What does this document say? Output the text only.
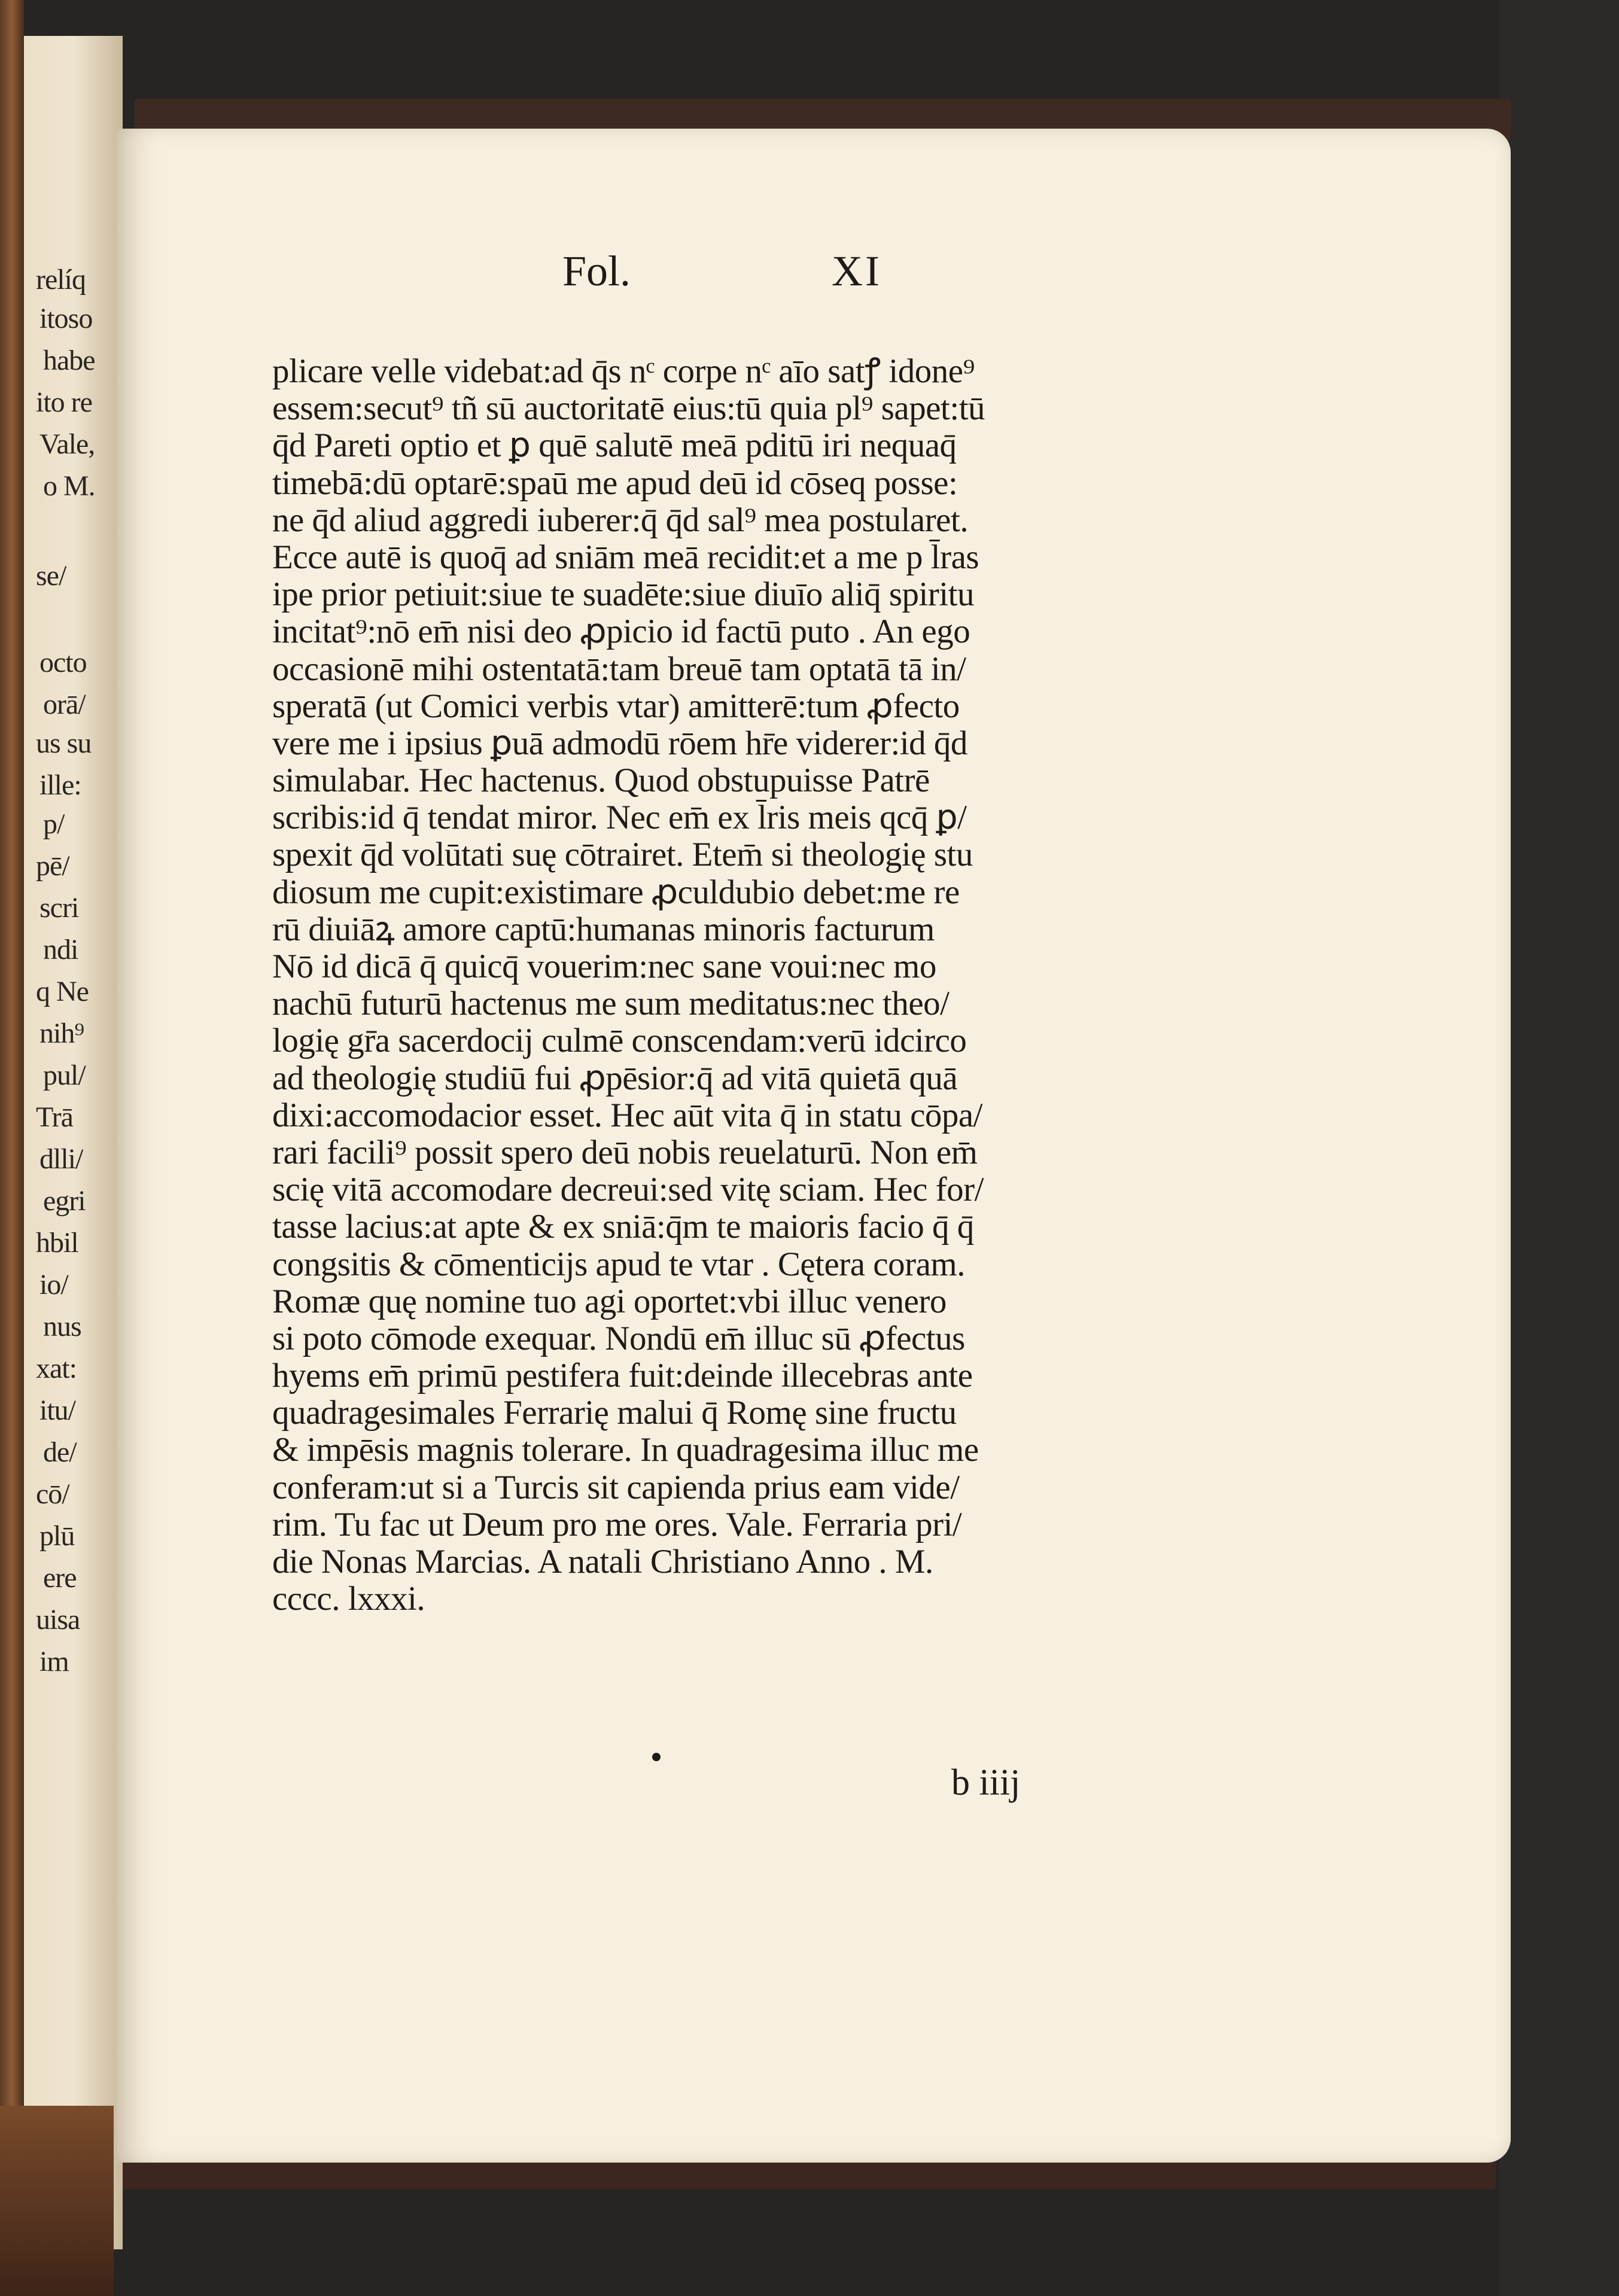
relíq
itoso
habe
ito re
Vale,
o M.
se/
octo
orā/
us su
ille:
p/
pē/
scri
ndi
q Ne
nih⁹
pul/
Trā
dlli/
egri
hbil
io/
nus
xat:
itu/
de/
cō/
plū
ere
uisa
im
Fol.	XI
plicare velle videbat:ad q̄s nᶜ corpe nᶜ aīo satꝭ idone⁹
essem:secut⁹ tñ sū auctoritatē eius:tū quia pl⁹ sapet:tū
q̄d Pareti optio et ꝑ quē salutē meā pditū iri nequaq̄
timebā:dū optarē:spaū me apud deū id cōseq posse:
ne q̄d aliud aggredi iuberer:q̄ q̄d sal⁹ mea postularet.
Ecce autē is quoq̄ ad sniām meā recidit:et a me p l̄ras
ipe prior petiuit:siue te suadēte:siue diuīo aliq̄ spiritu
incitat⁹:nō em̄ nisi deo ꝓpicio id factū puto . An ego
occasionē mihi ostentatā:tam breuē tam optatā tā in/
speratā (ut Comici verbis vtar) amitterē:tum ꝓfecto
vere me i ipsius ꝑuā admodū rōem hr̄e viderer:id q̄d
simulabar. Hec hactenus. Quod obstupuisse Patrē
scribis:id q̄ tendat miror. Nec em̄ ex l̄ris meis qcq̄ ꝑ/
spexit q̄d volūtati suę cōtrairet. Etem̄ si theologię stu
diosum me cupit:existimare ꝓculdubio debet:me re
rū diuiāꝝ amore captū:humanas minoris facturum
Nō id dicā q̄ quicq̄ vouerim:nec sane voui:nec mo
nachū futurū hactenus me sum meditatus:nec theo/
logię gr̄a sacerdocij culmē conscendam:verū idcirco
ad theologię studiū fui ꝓpēsior:q̄ ad vitā quietā quā
dixi:accomodacior esset. Hec aūt vita q̄ in statu cōpa/
rari facili⁹ possit spero deū nobis reuelaturū. Non em̄
scię vitā accomodare decreui:sed vitę sciam. Hec for/
tasse lacius:at apte & ex sniā:q̄m te maioris facio q̄ q̄
congsitis & cōmenticijs apud te vtar . Cętera coram.
Romæ quę nomine tuo agi oportet:vbi illuc venero
si poto cōmode exequar. Nondū em̄ illuc sū ꝓfectus
hyems em̄ primū pestifera fuit:deinde illecebras ante
quadragesimales Ferrarię malui q̄ Romę sine fructu
& impēsis magnis tolerare. In quadragesima illuc me
conferam:ut si a Turcis sit capienda prius eam vide/
rim. Tu fac ut Deum pro me ores. Vale. Ferraria pri/
die Nonas Marcias. A natali Christiano Anno . M.
cccc. lxxxi.
b iiij
